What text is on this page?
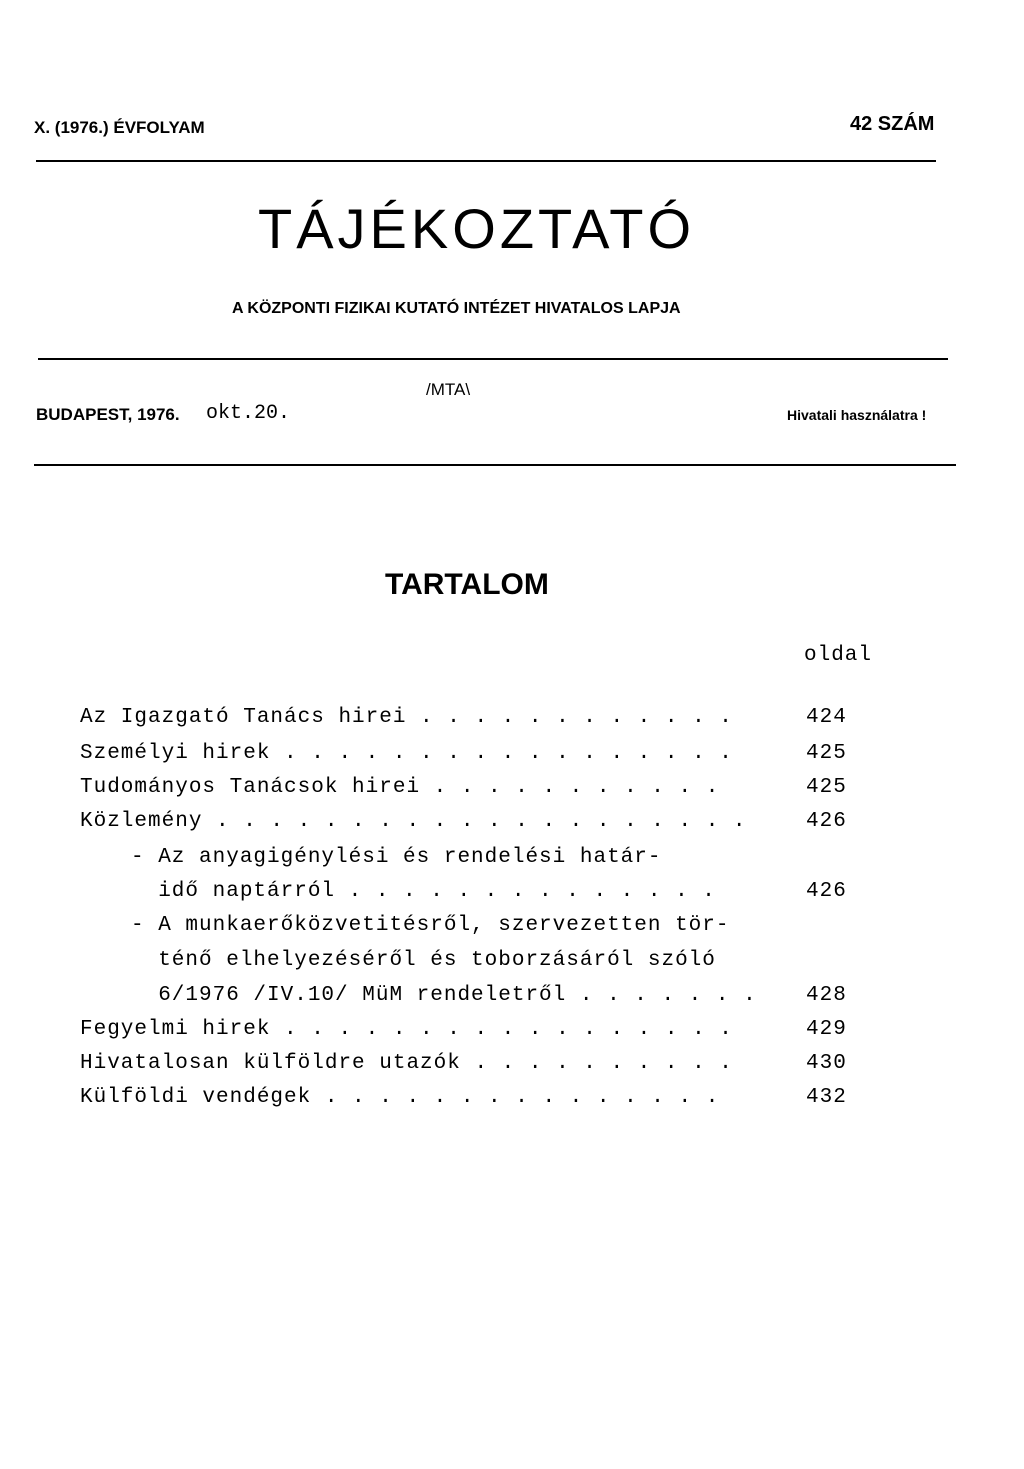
X. (1976.) ÉVFOLYAM	42 SZÁM
TÁJÉKOZTATÓ
A KÖZPONTI FIZIKAI KUTATÓ INTÉZET HIVATALOS LAPJA
/MTA\
BUDAPEST, 1976. okt.20.	Hivatali használatra !
TARTALOM
oldal
Az Igazgató Tanács hirei . . . . . . . . . . . .	424
Személyi hirek . . . . . . . . . . . . . . . . .	425
Tudományos Tanácsok hirei . . . . . . . . . . .	425
Közlemény . . . . . . . . . . . . . . . . . . . .	426
- Az anyagigénylési és rendelési határ-
idő naptárról . . . . . . . . . . . . . .	426
- A munkaerőközvetitésről, szervezetten tör-
ténő elhelyezéséről és toborzásáról szóló
6/1976 /IV.10/ MüM rendeletről . . . . . . . 428
Fegyelmi hirek . . . . . . . . . . . . . . . . .	429
Hivatalosan külföldre utazók . . . . . . . . . .	430
Külföldi vendégek . . . . . . . . . . . . . . .	432
